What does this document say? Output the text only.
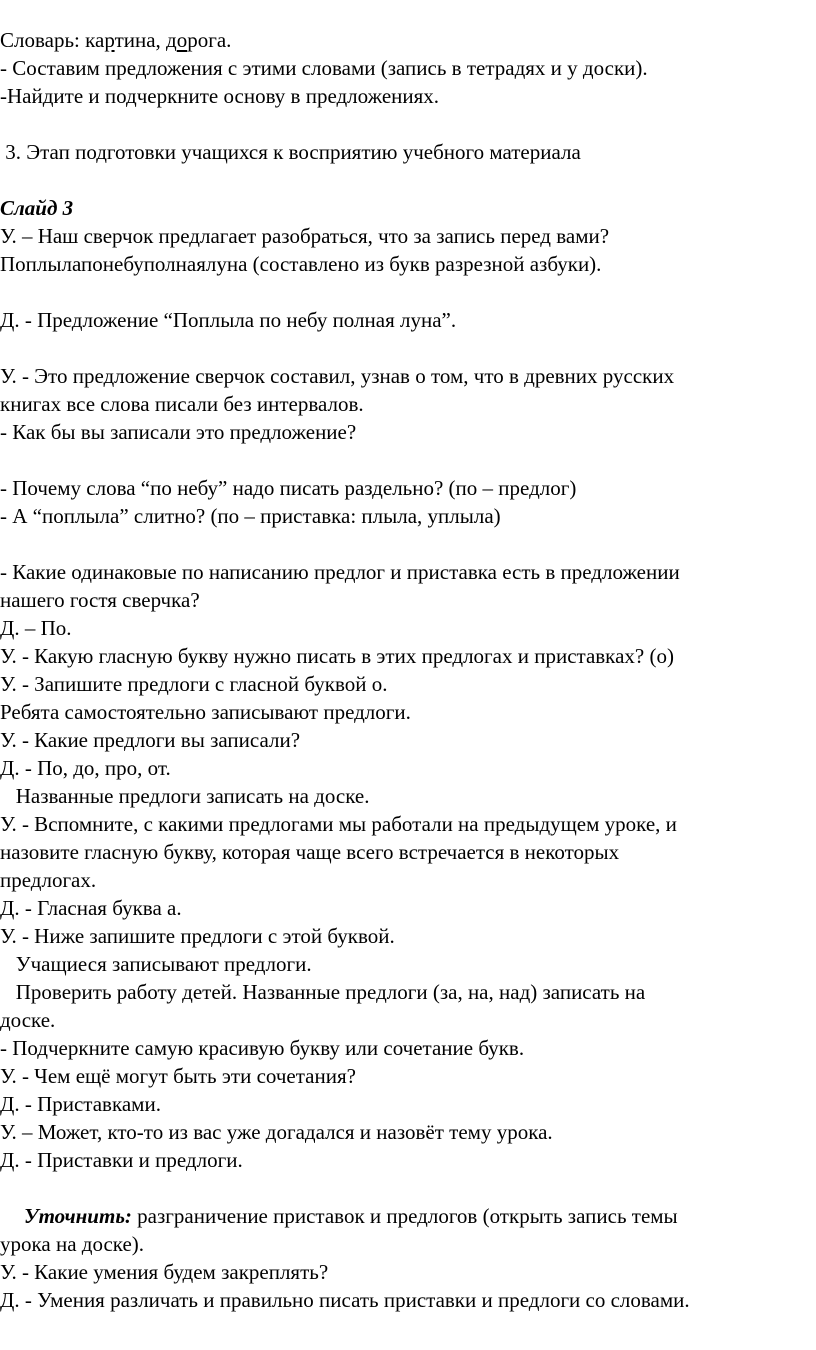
Словарь: картина, дорога.
- Составим предложения с этими словами (запись в тетрадях и у доски).
-Найдите и подчеркните основу в предложениях.
3. Этап подготовки учащихся к восприятию учебного материала
Слайд 3
У. – Наш сверчок предлагает разобраться, что за запись перед вами?
Поплылапонебуполнаялуна (составлено из букв разрезной азбуки).
Д. - Предложение “Поплыла по небу полная луна”.
У. - Это предложение сверчок составил, узнав о том, что в древних русских
книгах все слова писали без интервалов.
- Как бы вы записали это предложение?
- Почему слова “по небу” надо писать раздельно? (по – предлог)
- А “поплыла” слитно? (по – приставка: плыла, уплыла)
- Какие одинаковые по написанию предлог и приставка есть в предложении
нашего гостя сверчка?
Д. – По.
У. - Какую гласную букву нужно писать в этих предлогах и приставках? (о)
У. - Запишите предлоги с гласной буквой о.
Ребята самостоятельно записывают предлоги.
У. - Какие предлоги вы записали?
Д. - По, до, про, от.
Названные предлоги записать на доске.
У. - Вспомните, с какими предлогами мы работали на предыдущем уроке, и
назовите гласную букву, которая чаще всего встречается в некоторых
предлогах.
Д. - Гласная буква а.
У. - Ниже запишите предлоги с этой буквой.
Учащиеся записывают предлоги.
Проверить работу детей. Названные предлоги (за, на, над) записать на
доске.
- Подчеркните самую красивую букву или сочетание букв.
У. - Чем ещё могут быть эти сочетания?
Д. - Приставками.
У. – Может, кто-то из вас уже догадался и назовёт тему урока.
Д. - Приставки и предлоги.
Уточнить: разграничение приставок и предлогов (открыть запись темы
урока на доске).
У. - Какие умения будем закреплять?
Д. - Умения различать и правильно писать приставки и предлоги со словами.
